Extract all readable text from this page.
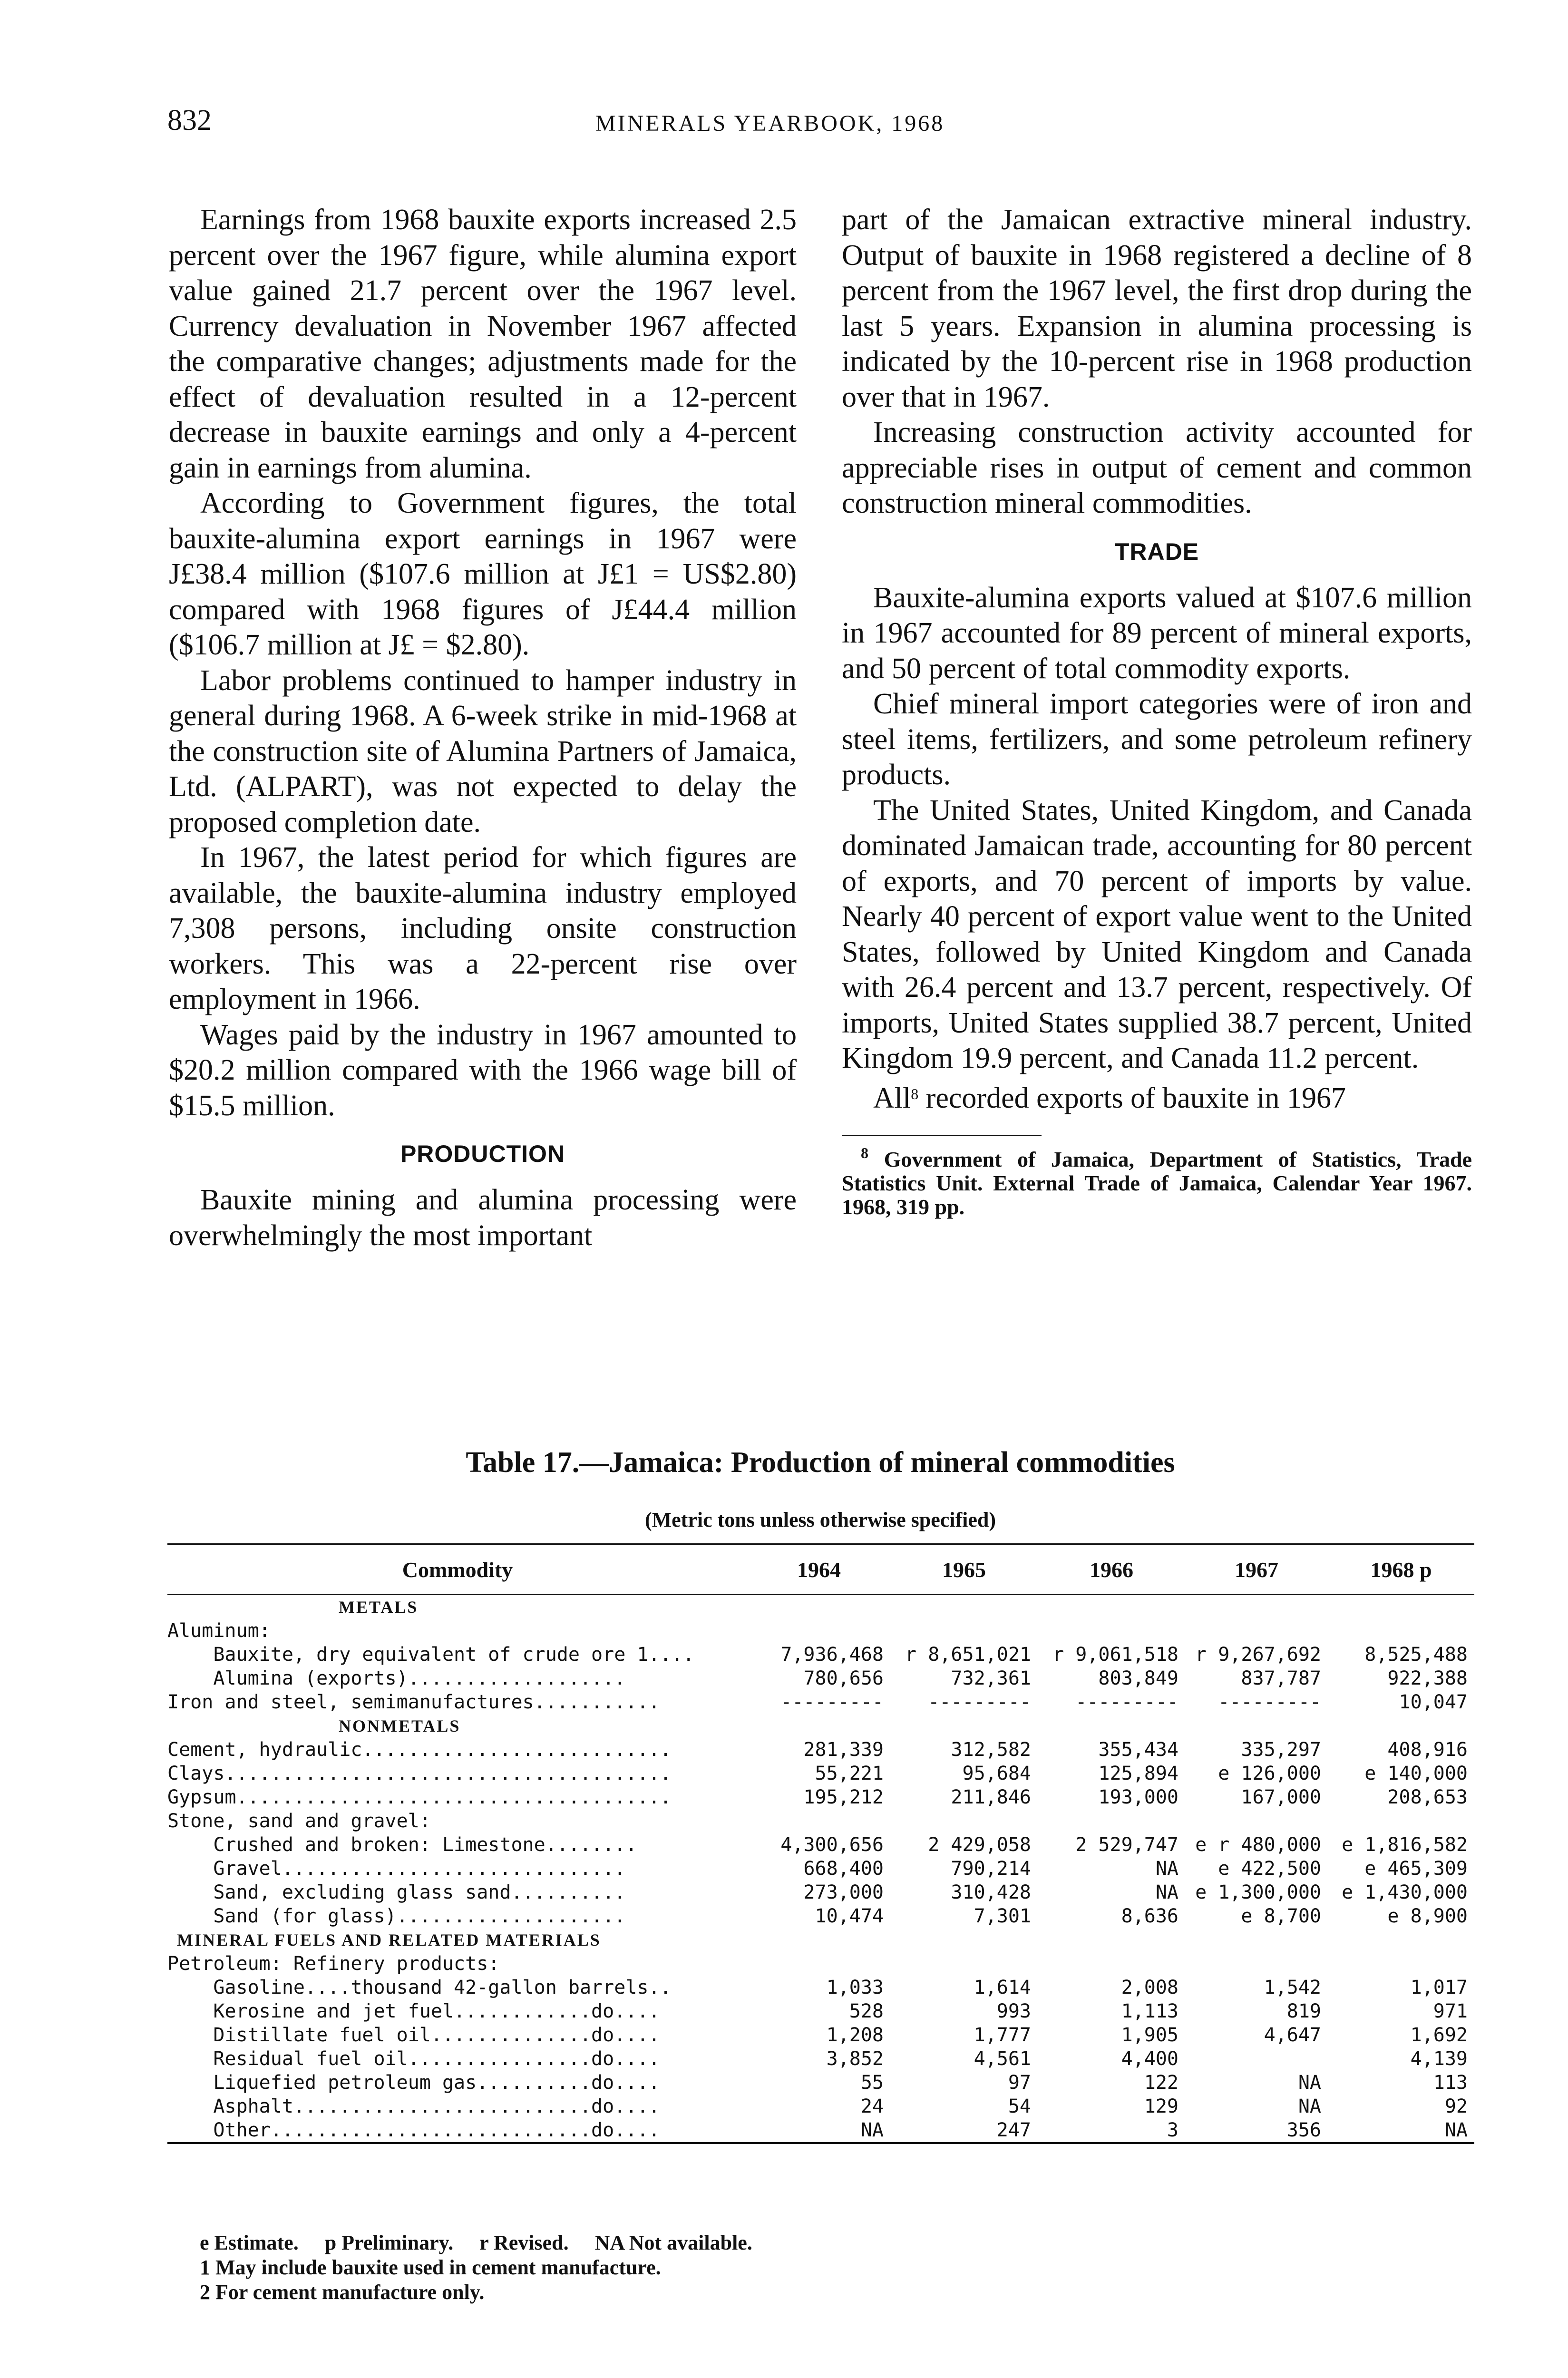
832	MINERALS YEARBOOK, 1968

Earnings from 1968 bauxite exports increased 2.5 percent over the 1967 figure, while alumina export value gained 21.7 percent over the 1967 level. Currency devaluation in November 1967 affected the comparative changes; adjustments made for the effect of devaluation resulted in a 12-percent decrease in bauxite earnings and only a 4-percent gain in earnings from alumina.

According to Government figures, the total bauxite-alumina export earnings in 1967 were J£38.4 million ($107.6 million at J£1 = US$2.80) compared with 1968 figures of J£44.4 million ($106.7 million at J£ = $2.80).

Labor problems continued to hamper industry in general during 1968. A 6-week strike in mid-1968 at the construction site of Alumina Partners of Jamaica, Ltd. (ALPART), was not expected to delay the proposed completion date.

In 1967, the latest period for which figures are available, the bauxite-alumina industry employed 7,308 persons, including onsite construction workers. This was a 22-percent rise over employment in 1966.

Wages paid by the industry in 1967 amounted to $20.2 million compared with the 1966 wage bill of $15.5 million.

PRODUCTION

Bauxite mining and alumina processing were overwhelmingly the most important

part of the Jamaican extractive mineral industry. Output of bauxite in 1968 registered a decline of 8 percent from the 1967 level, the first drop during the last 5 years. Expansion in alumina processing is indicated by the 10-percent rise in 1968 production over that in 1967.

Increasing construction activity accounted for appreciable rises in output of cement and common construction mineral commodities.

TRADE

Bauxite-alumina exports valued at $107.6 million in 1967 accounted for 89 percent of mineral exports, and 50 percent of total commodity exports.

Chief mineral import categories were of iron and steel items, fertilizers, and some petroleum refinery products.

The United States, United Kingdom, and Canada dominated Jamaican trade, accounting for 80 percent of exports, and 70 percent of imports by value. Nearly 40 percent of export value went to the United States, followed by United Kingdom and Canada with 26.4 percent and 13.7 percent, respectively. Of imports, United States supplied 38.7 percent, United Kingdom 19.9 percent, and Canada 11.2 percent.

All$^8$ recorded exports of bauxite in 1967

$^8$ Government of Jamaica, Department of Statistics, Trade Statistics Unit. External Trade of Jamaica, Calendar Year 1967. 1968, 319 pp.
Table 17.—Jamaica: Production of mineral commodities
(Metric tons unless otherwise specified)
Commodity	1964	1965	1966	1967	1968 p
METALS					
Aluminum:					
Bauxite, dry equivalent of crude ore 1....	7,936,468	r 8,651,021	r 9,061,518	r 9,267,692	8,525,488
Alumina (exports)...................	780,656	732,361	803,849	837,787	922,388
Iron and steel, semimanufactures...........	---------	---------	---------	---------	10,047
NONMETALS					
Cement, hydraulic...........................	281,339	312,582	355,434	335,297	408,916
Clays.......................................	55,221	95,684	125,894	e 126,000	e 140,000
Gypsum......................................	195,212	211,846	193,000	167,000	208,653
Stone, sand and gravel:					
Crushed and broken: Limestone........	4,300,656	2 429,058	2 529,747	e r 480,000	e 1,816,582
Gravel..............................	668,400	790,214	NA	e 422,500	e 465,309
Sand, excluding glass sand..........	273,000	310,428	NA	e 1,300,000	e 1,430,000
Sand (for glass)....................	10,474	7,301	8,636	e 8,700	e 8,900
MINERAL FUELS AND RELATED MATERIALS					
Petroleum: Refinery products:					
Gasoline....thousand 42-gallon barrels..	1,033	1,614	2,008	1,542	1,017
Kerosine and jet fuel............do....	528	993	1,113	819	971
Distillate fuel oil..............do....	1,208	1,777	1,905	4,647	1,692
Residual fuel oil................do....	3,852	4,561	4,400		4,139
Liquefied petroleum gas..........do....	55	97	122	NA	113
Asphalt..........................do....	24	54	129	NA	92
Other............................do....	NA	247	3	356	NA
e Estimate.     p Preliminary.     r Revised.     NA Not available.
1 May include bauxite used in cement manufacture.
2 For cement manufacture only.
